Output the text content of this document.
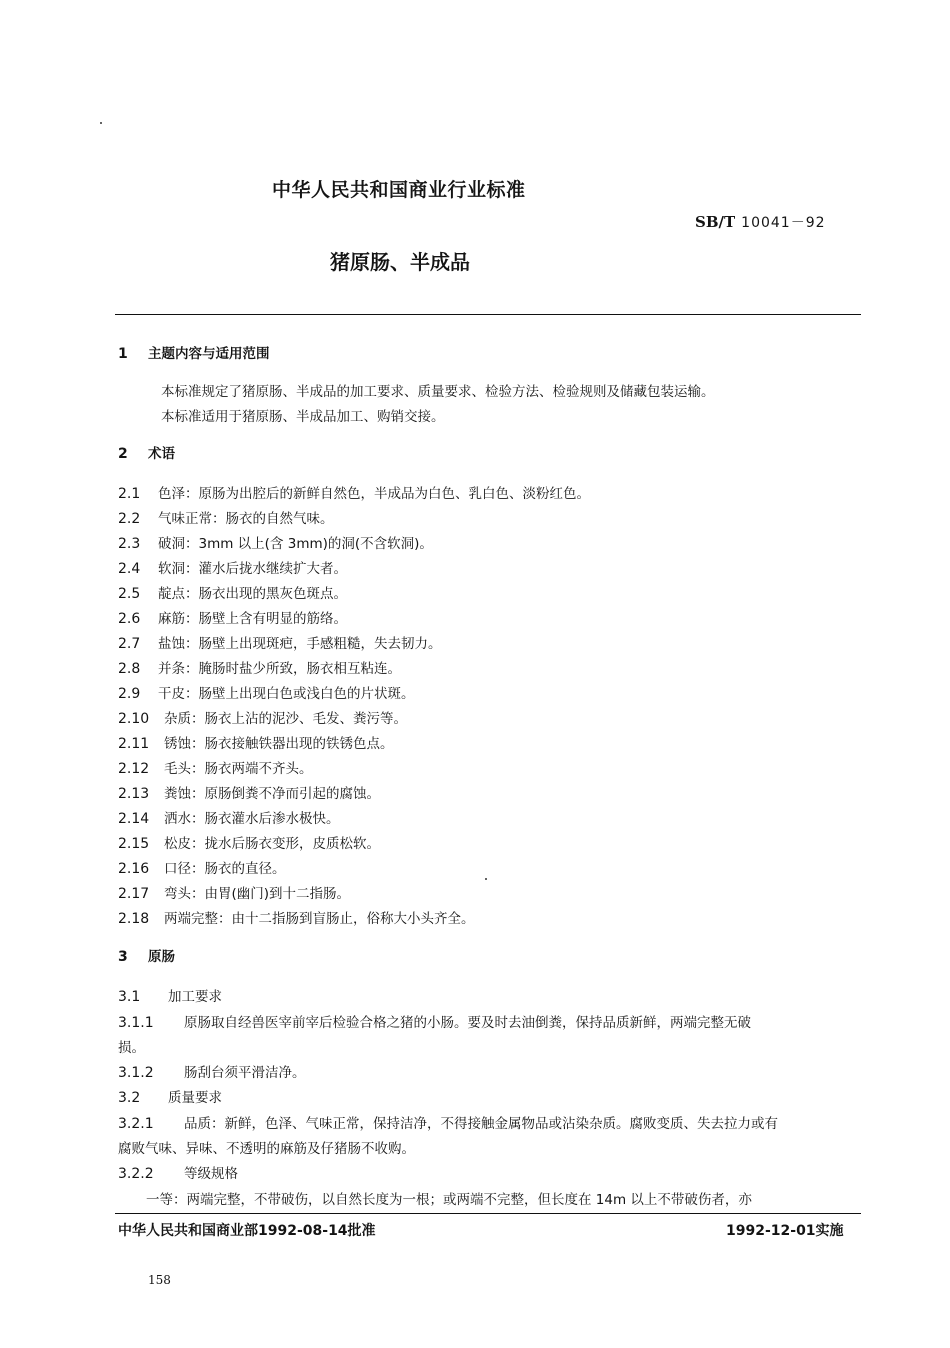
中华人民共和国商业行业标准
SB/T 10041－92
猪原肠、半成品
1 主题内容与适用范围
本标准规定了猪原肠、半成品的加工要求、质量要求、检验方法、检验规则及储藏包装运输。
本标准适用于猪原肠、半成品加工、购销交接。
2 术语
2.1 色泽：原肠为出腔后的新鲜自然色，半成品为白色、乳白色、淡粉红色。
2.2 气味正常：肠衣的自然气味。
2.3 破洞：3mm 以上(含 3mm)的洞(不含软洞)。
2.4 软洞：灌水后拢水继续扩大者。
2.5 靛点：肠衣出现的黑灰色斑点。
2.6 麻筋：肠壁上含有明显的筋络。
2.7 盐蚀：肠壁上出现斑疤，手感粗糙，失去韧力。
2.8 并条：腌肠时盐少所致，肠衣相互粘连。
2.9 干皮：肠壁上出现白色或浅白色的片状斑。
2.10 杂质：肠衣上沾的泥沙、毛发、粪污等。
2.11 锈蚀：肠衣接触铁器出现的铁锈色点。
2.12 毛头：肠衣两端不齐头。
2.13 粪蚀：原肠倒粪不净而引起的腐蚀。
2.14 洒水：肠衣灌水后渗水极快。
2.15 松皮：拢水后肠衣变形，皮质松软。
2.16 口径：肠衣的直径。
2.17 弯头：由胃(幽门)到十二指肠。
2.18 两端完整：由十二指肠到盲肠止，俗称大小头齐全。
3 原肠
3.1 加工要求
3.1.1 原肠取自经兽医宰前宰后检验合格之猪的小肠。要及时去油倒粪，保持品质新鲜，两端完整无破
损。
3.1.2 肠刮台须平滑洁净。
3.2 质量要求
3.2.1 品质：新鲜，色泽、气味正常，保持洁净，不得接触金属物品或沾染杂质。腐败变质、失去拉力或有
腐败气味、异味、不透明的麻筋及仔猪肠不收购。
3.2.2 等级规格
一等：两端完整，不带破伤，以自然长度为一根；或两端不完整，但长度在 14m 以上不带破伤者，亦
中华人民共和国商业部1992-08-14批准	1992-12-01实施
158
